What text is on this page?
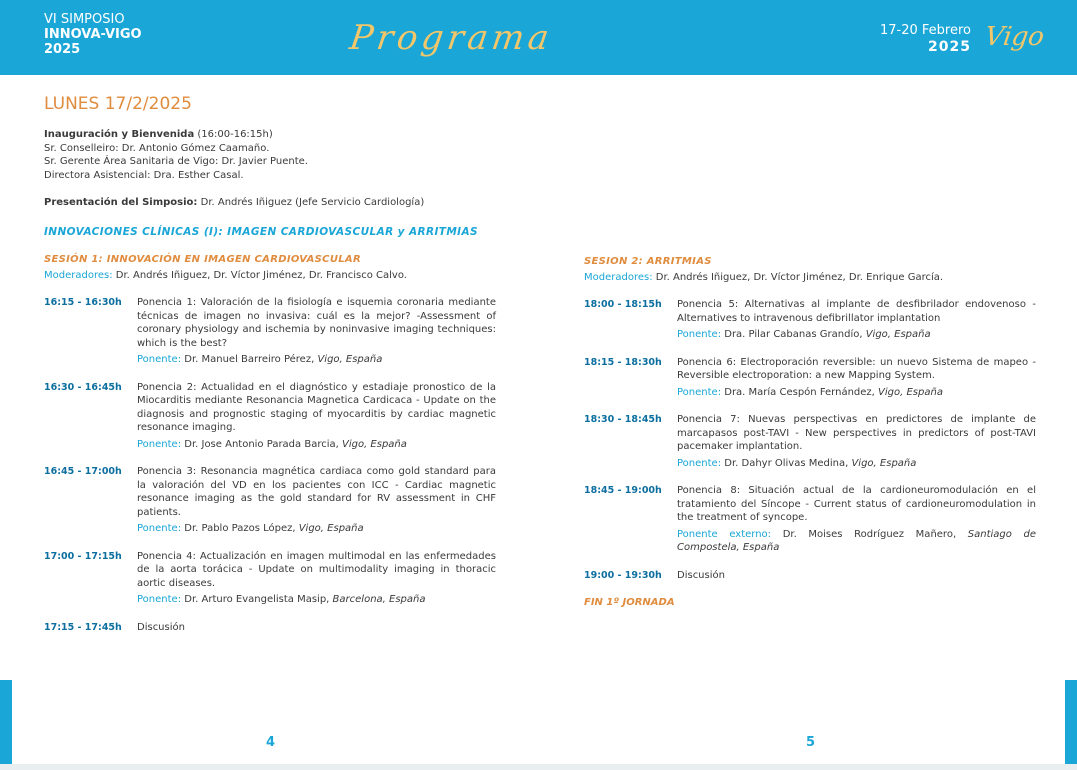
VI SIMPOSIO
INNOVA-VIGO
2025	Programa	17-20 Febrero
2025 Vigo
LUNES 17/2/2025
Inauguración y Bienvenida (16:00-16:15h)
Sr. Conselleiro: Dr. Antonio Gómez Caamaño.
Sr. Gerente Área Sanitaria de Vigo: Dr. Javier Puente.
Directora Asistencial: Dra. Esther Casal.
Presentación del Simposio: Dr. Andrés Iñiguez (Jefe Servicio Cardiología)
INNOVACIONES CLÍNICAS (I): IMAGEN CARDIOVASCULAR y ARRITMIAS
SESIÓN 1: INNOVACIÓN EN IMAGEN CARDIOVASCULAR
Moderadores: Dr. Andrés Iñiguez, Dr. Víctor Jiménez, Dr. Francisco Calvo.
16:15 - 16:30h	Ponencia 1: Valoración de la fisiología e isquemia coronaria mediante técnicas de imagen no invasiva: cuál es la mejor? -Assessment of coronary physiology and ischemia by noninvasive imaging techniques: which is the best?
Ponente: Dr. Manuel Barreiro Pérez, Vigo, España
16:30 - 16:45h	Ponencia 2: Actualidad en el diagnóstico y estadiaje pronostico de la Miocarditis mediante Resonancia Magnetica Cardicaca - Update on the diagnosis and prognostic staging of myocarditis by cardiac magnetic resonance imaging.
Ponente: Dr. Jose Antonio Parada Barcia, Vigo, España
16:45 - 17:00h	Ponencia 3: Resonancia magnética cardiaca como gold standard para la valoración del VD en los pacientes con ICC - Cardiac magnetic resonance imaging as the gold standard for RV assessment in CHF patients.
Ponente: Dr. Pablo Pazos López, Vigo, España
17:00 - 17:15h	Ponencia 4: Actualización en imagen multimodal en las enfermedades de la aorta torácica - Update on multimodality imaging in thoracic aortic diseases.
Ponente: Dr. Arturo Evangelista Masip, Barcelona, España
17:15 - 17:45h	Discusión
SESION 2: ARRITMIAS
Moderadores: Dr. Andrés Iñiguez, Dr. Víctor Jiménez, Dr. Enrique García.
18:00 - 18:15h	Ponencia 5: Alternativas al implante de desfibrilador endovenoso - Alternatives to intravenous defibrillator implantation
Ponente: Dra. Pilar Cabanas Grandío, Vigo, España
18:15 - 18:30h	Ponencia 6: Electroporación reversible: un nuevo Sistema de mapeo - Reversible electroporation: a new Mapping System.
Ponente: Dra. María Cespón Fernández, Vigo, España
18:30 - 18:45h	Ponencia 7: Nuevas perspectivas en predictores de implante de marcapasos post-TAVI - New perspectives in predictors of post-TAVI pacemaker implantation.
Ponente: Dr. Dahyr Olivas Medina, Vigo, España
18:45 - 19:00h	Ponencia 8: Situación actual de la cardioneuromodulación en el tratamiento del Síncope - Current status of cardioneuromodulation in the treatment of syncope.
Ponente externo: Dr. Moises Rodríguez Mañero, Santiago de Compostela, España
19:00 - 19:30h	Discusión
FIN 1º JORNADA
4	5
